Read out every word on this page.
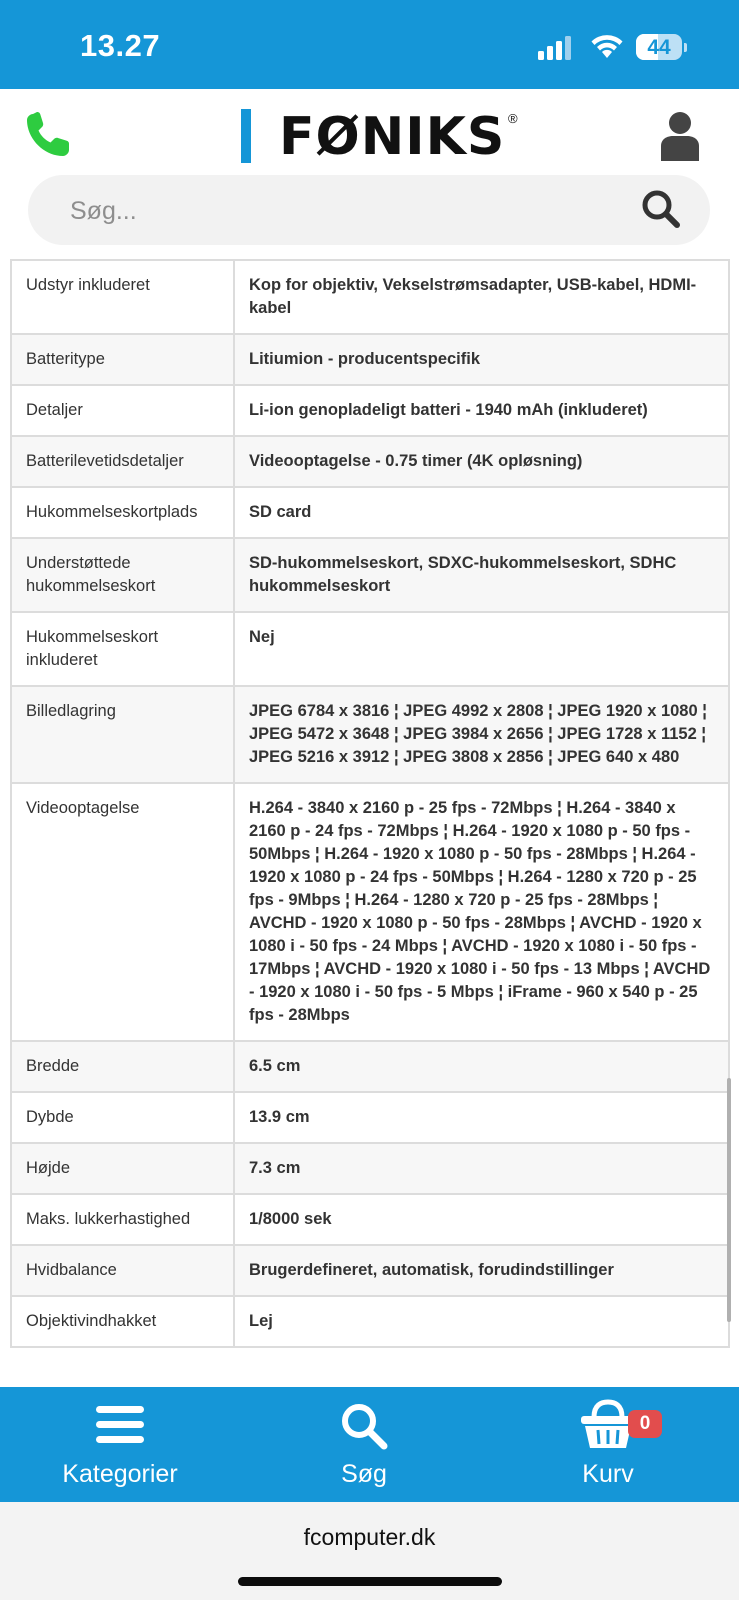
13.27	44
FØNIKS ®
Søg...
Udstyr inkluderet	Kop for objektiv, Vekselstrømsadapter, USB-kabel, HDMI-kabel
Batteritype	Litiumion - producentspecifik
Detaljer	Li-ion genopladeligt batteri - 1940 mAh (inkluderet)
Batterilevetidsdetaljer	Videooptagelse - 0.75 timer (4K opløsning)
Hukommelseskortplads	SD card
Understøttede hukommelseskort	SD-hukommelseskort, SDXC-hukommelseskort, SDHC hukommelseskort
Hukommelseskort inkluderet	Nej
Billedlagring	JPEG 6784 x 3816 ¦ JPEG 4992 x 2808 ¦ JPEG 1920 x 1080 ¦ JPEG 5472 x 3648 ¦ JPEG 3984 x 2656 ¦ JPEG 1728 x 1152 ¦ JPEG 5216 x 3912 ¦ JPEG 3808 x 2856 ¦ JPEG 640 x 480
Videooptagelse	H.264 - 3840 x 2160 p - 25 fps - 72Mbps ¦ H.264 - 3840 x 2160 p - 24 fps - 72Mbps ¦ H.264 - 1920 x 1080 p - 50 fps - 50Mbps ¦ H.264 - 1920 x 1080 p - 50 fps - 28Mbps ¦ H.264 - 1920 x 1080 p - 24 fps - 50Mbps ¦ H.264 - 1280 x 720 p - 25 fps - 9Mbps ¦ H.264 - 1280 x 720 p - 25 fps - 28Mbps ¦ AVCHD - 1920 x 1080 p - 50 fps - 28Mbps ¦ AVCHD - 1920 x 1080 i - 50 fps - 24 Mbps ¦ AVCHD - 1920 x 1080 i - 50 fps - 17Mbps ¦ AVCHD - 1920 x 1080 i - 50 fps - 13 Mbps ¦ AVCHD - 1920 x 1080 i - 50 fps - 5 Mbps ¦ iFrame - 960 x 540 p - 25 fps - 28Mbps
Bredde	6.5 cm
Dybde	13.9 cm
Højde	7.3 cm
Maks. lukkerhastighed	1/8000 sek
Hvidbalance	Brugerdefineret, automatisk, forudindstillinger
Objektivindhakket	Lej
Kategorier	Søg	Kurv
0
fcomputer.dk
